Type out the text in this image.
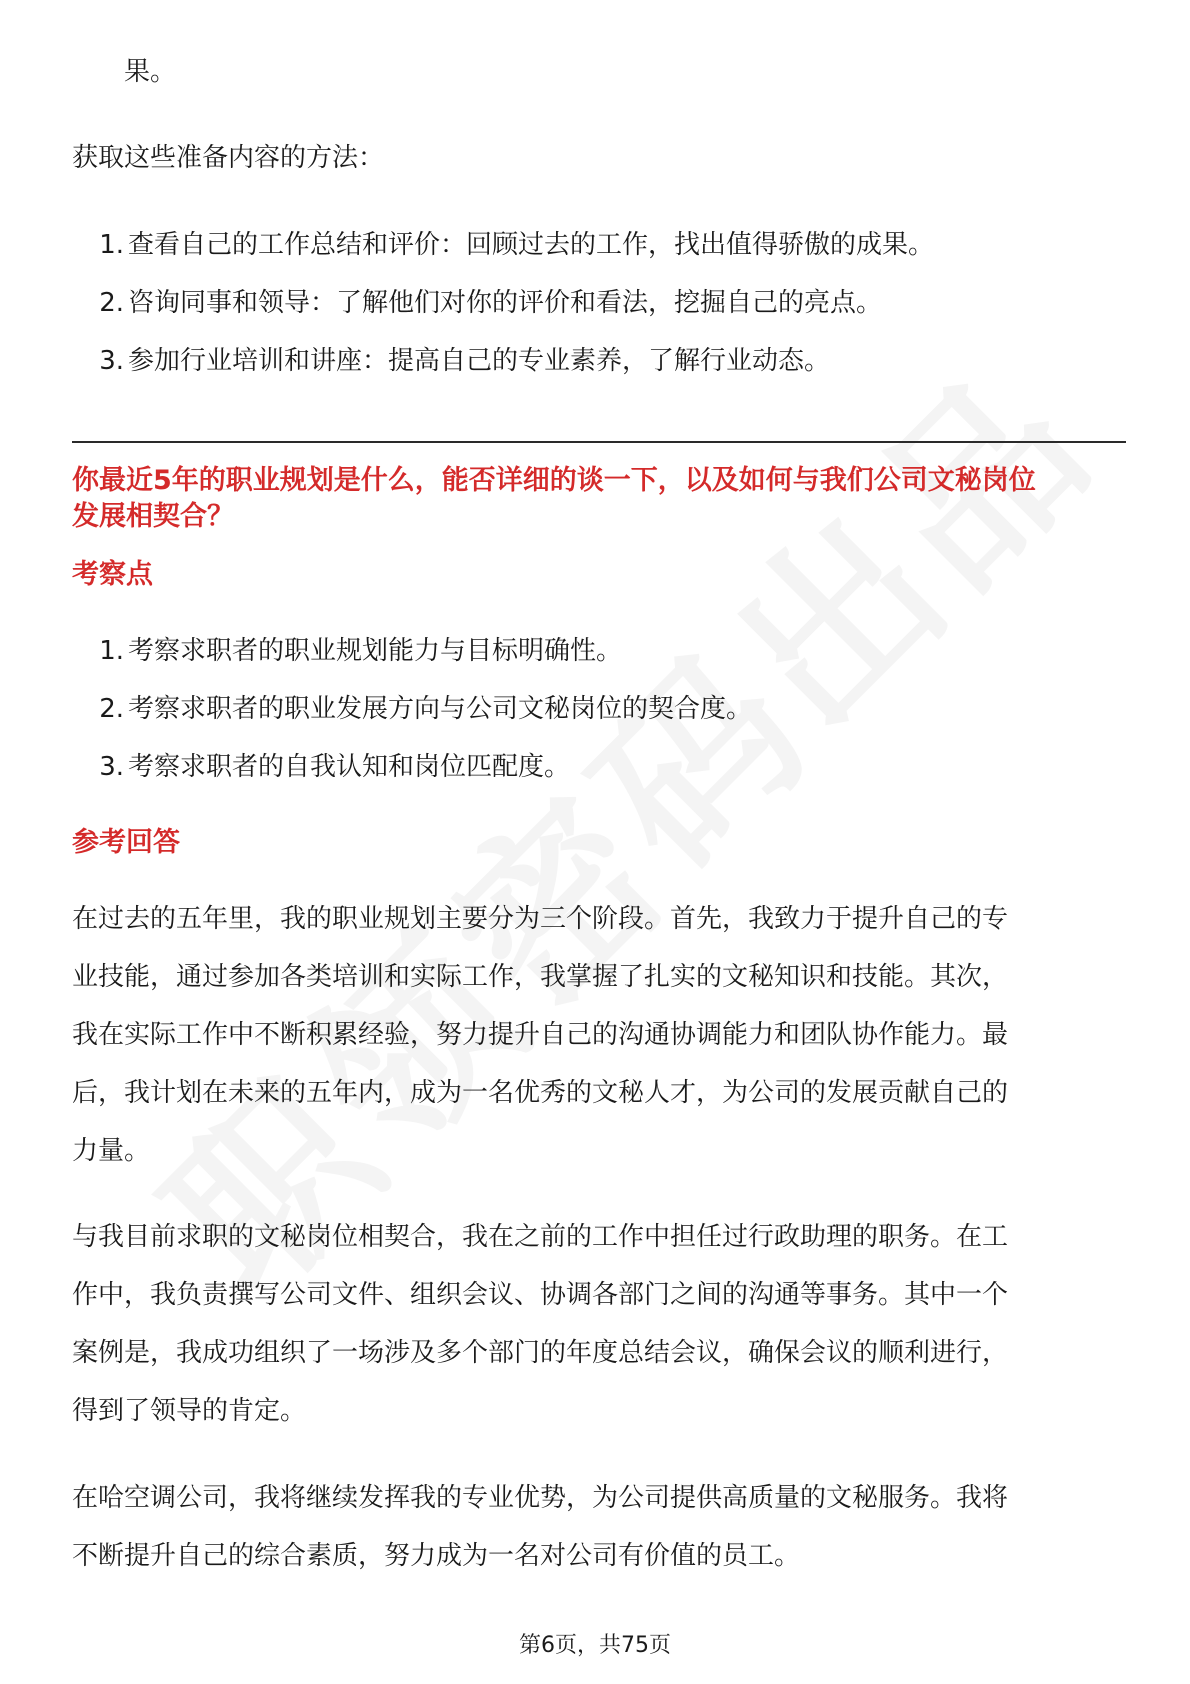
果。
获取这些准备内容的方法：
1. 查看自己的工作总结和评价：回顾过去的工作，找出值得骄傲的成果。
2. 咨询同事和领导：了解他们对你的评价和看法，挖掘自己的亮点。
3. 参加行业培训和讲座：提高自己的专业素养，了解行业动态。
你最近5年的职业规划是什么，能否详细的谈一下，以及如何与我们公司文秘岗位
发展相契合？
考察点
1. 考察求职者的职业规划能力与目标明确性。
2. 考察求职者的职业发展方向与公司文秘岗位的契合度。
3. 考察求职者的自我认知和岗位匹配度。
参考回答
在过去的五年里，我的职业规划主要分为三个阶段。首先，我致力于提升自己的专
业技能，通过参加各类培训和实际工作，我掌握了扎实的文秘知识和技能。其次，
我在实际工作中不断积累经验，努力提升自己的沟通协调能力和团队协作能力。最
后，我计划在未来的五年内，成为一名优秀的文秘人才，为公司的发展贡献自己的
力量。
与我目前求职的文秘岗位相契合，我在之前的工作中担任过行政助理的职务。在工
作中，我负责撰写公司文件、组织会议、协调各部门之间的沟通等事务。其中一个
案例是，我成功组织了一场涉及多个部门的年度总结会议，确保会议的顺利进行，
得到了领导的肯定。
在哈空调公司，我将继续发挥我的专业优势，为公司提供高质量的文秘服务。我将
不断提升自己的综合素质，努力成为一名对公司有价值的员工。
第6页，共75页
